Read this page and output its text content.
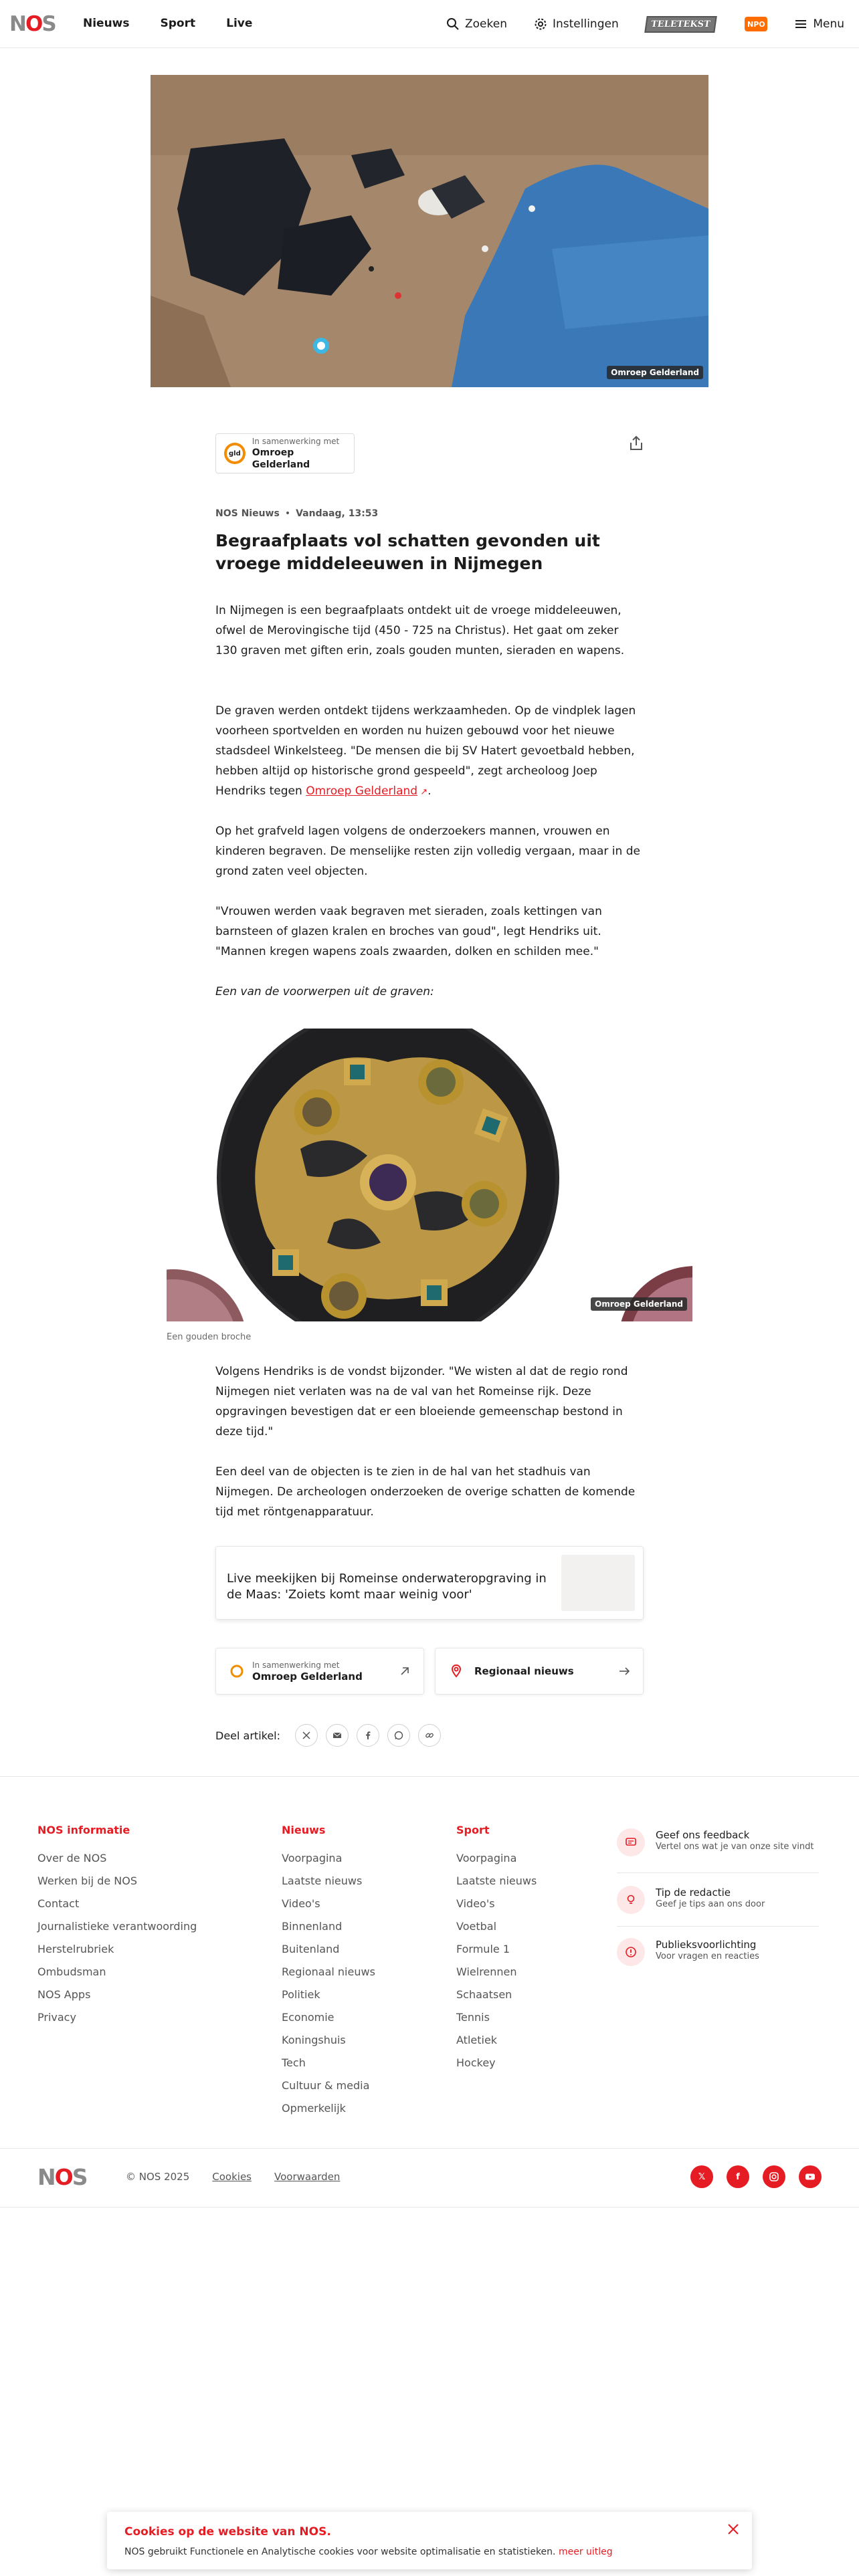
NOS Nieuws	Sport	Live	Zoeken	Instellingen	TELETEKST	NPO	Menu
Omroep Gelderland
gld
In samenwerking met
Omroep Gelderland
NOS Nieuws • Vandaag, 13:53
Begraafplaats vol schatten gevonden uit vroege middeleeuwen in Nijmegen

In Nijmegen is een begraafplaats ontdekt uit de vroege middeleeuwen, ofwel de Merovingische tijd (450 - 725 na Christus). Het gaat om zeker 130 graven met giften erin, zoals gouden munten, sieraden en wapens.

De graven werden ontdekt tijdens werkzaamheden. Op de vindplek lagen voorheen sportvelden en worden nu huizen gebouwd voor het nieuwe stadsdeel Winkelsteeg. "De mensen die bij SV Hatert gevoetbald hebben, hebben altijd op historische grond gespeeld", zegt archeoloog Joep Hendriks tegen Omroep Gelderland ↗.

Op het grafveld lagen volgens de onderzoekers mannen, vrouwen en kinderen begraven. De menselijke resten zijn volledig vergaan, maar in de grond zaten veel objecten.

"Vrouwen werden vaak begraven met sieraden, zoals kettingen van barnsteen of glazen kralen en broches van goud", legt Hendriks uit. "Mannen kregen wapens zoals zwaarden, dolken en schilden mee."

Een van de voorwerpen uit de graven:

Omroep Gelderland
Een gouden broche

Volgens Hendriks is de vondst bijzonder. "We wisten al dat de regio rond Nijmegen niet verlaten was na de val van het Romeinse rijk. Deze opgravingen bevestigen dat er een bloeiende gemeenschap bestond in deze tijd."

Een deel van de objecten is te zien in de hal van het stadhuis van Nijmegen. De archeologen onderzoeken de overige schatten de komende tijd met röntgenapparatuur.

Live meekijken bij Romeinse onderwateropgraving in de Maas: 'Zoiets komt maar weinig voor'
In samenwerking met
Omroep Gelderland	Regionaal nieuws
Deel artikel:
NOS informatie
Over de NOS
Werken bij de NOS
Contact
Journalistieke verantwoording
Herstelrubriek
Ombudsman
NOS Apps
Privacy
Nieuws
Voorpagina
Laatste nieuws
Video's
Binnenland
Buitenland
Regionaal nieuws
Politiek
Economie
Koningshuis
Tech
Cultuur & media
Opmerkelijk
Sport
Voorpagina
Laatste nieuws
Video's
Voetbal
Formule 1
Wielrennen
Schaatsen
Tennis
Atletiek
Hockey
Geef ons feedback
Vertel ons wat je van onze site vindt
Tip de redactie
Geef je tips aan ons door
Publieksvoorlichting
Voor vragen en reacties
NOS	© NOS 2025 Cookies Voorwaarden	𝕏	f
Cookies op de website van NOS.

NOS gebruikt Functionele en Analytische cookies voor website optimalisatie en statistieken. meer uitleg
